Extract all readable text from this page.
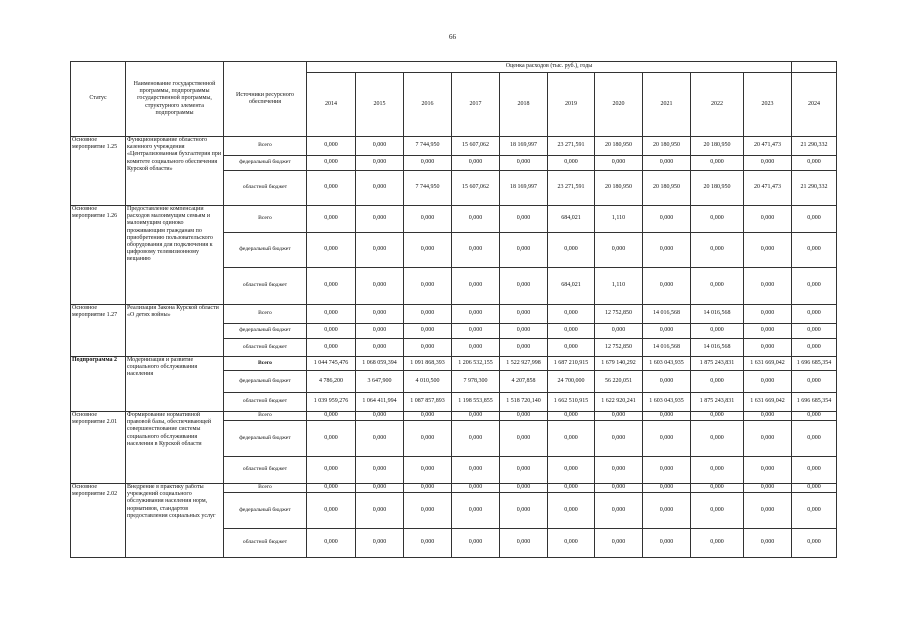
66
Статус	Наименование государственной программы, подпрограммы государственной программы, структурного элемента подпрограммы	Источники ресурсного обеспечения	Оценка расходов (тыс. руб.), годы										
			2014	2015	2016	2017	2018	2019	2020	2021	2022	2023	2024
Основное мероприятие 1.25	Функционирование областного казенного учреждения «Централизованная бухгалтерия при комитете социального обеспечения Курской области»	Всего	0,000	0,000	7 744,950	15 607,062	18 169,997	23 271,591	20 180,950	20 180,950	20 180,950	20 471,473	21 290,332
		федеральный бюджет	0,000	0,000	0,000	0,000	0,000	0,000	0,000	0,000	0,000	0,000	0,000
		областной бюджет	0,000	0,000	7 744,950	15 607,062	18 169,997	23 271,591	20 180,950	20 180,950	20 180,950	20 471,473	21 290,332
Основное мероприятие 1.26	Предоставление компенсации расходов малоимущим семьям и малоимущим одиноко проживающим гражданам по приобретению пользовательского оборудования для подключения к цифровому телевизионному вещанию	Всего	0,000	0,000	0,000	0,000	0,000	684,021	1,110	0,000	0,000	0,000	0,000
		федеральный бюджет	0,000	0,000	0,000	0,000	0,000	0,000	0,000	0,000	0,000	0,000	0,000
		областной бюджет	0,000	0,000	0,000	0,000	0,000	684,021	1,110	0,000	0,000	0,000	0,000
Основное мероприятие 1.27	Реализация Закона Курской области «О детях войны»	Всего	0,000	0,000	0,000	0,000	0,000	0,000	12 752,850	14 016,568	14 016,568	0,000	0,000
		федеральный бюджет	0,000	0,000	0,000	0,000	0,000	0,000	0,000	0,000	0,000	0,000	0,000
		областной бюджет	0,000	0,000	0,000	0,000	0,000	0,000	12 752,850	14 016,568	14 016,568	0,000	0,000
Подпрограмма 2	Модернизация и развитие социального обслуживания населения	Всего	1 044 745,476	1 068 059,394	1 091 868,393	1 206 532,155	1 522 927,998	1 687 210,915	1 679 140,292	1 603 043,935	1 875 243,831	1 631 669,042	1 696 685,354
		федеральный бюджет	4 786,200	3 647,900	4 010,500	7 978,300	4 207,858	24 700,000	56 220,051	0,000	0,000	0,000	0,000
		областной бюджет	1 039 959,276	1 064 411,994	1 087 857,893	1 198 553,855	1 518 720,140	1 662 510,915	1 622 920,241	1 603 043,935	1 875 243,831	1 631 669,042	1 696 685,354
Основное мероприятие 2.01	Формирование нормативной правовой базы, обеспечивающей совершенствование системы социального обслуживания населения в Курской области	Всего	0,000	0,000	0,000	0,000	0,000	0,000	0,000	0,000	0,000	0,000	0,000
		федеральный бюджет	0,000	0,000	0,000	0,000	0,000	0,000	0,000	0,000	0,000	0,000	0,000
		областной бюджет	0,000	0,000	0,000	0,000	0,000	0,000	0,000	0,000	0,000	0,000	0,000
Основное мероприятие 2.02	Внедрение в практику работы учреждений социального обслуживания населения норм, нормативов, стандартов предоставления социальных услуг	Всего	0,000	0,000	0,000	0,000	0,000	0,000	0,000	0,000	0,000	0,000	0,000
		федеральный бюджет	0,000	0,000	0,000	0,000	0,000	0,000	0,000	0,000	0,000	0,000	0,000
		областной бюджет	0,000	0,000	0,000	0,000	0,000	0,000	0,000	0,000	0,000	0,000	0,000
